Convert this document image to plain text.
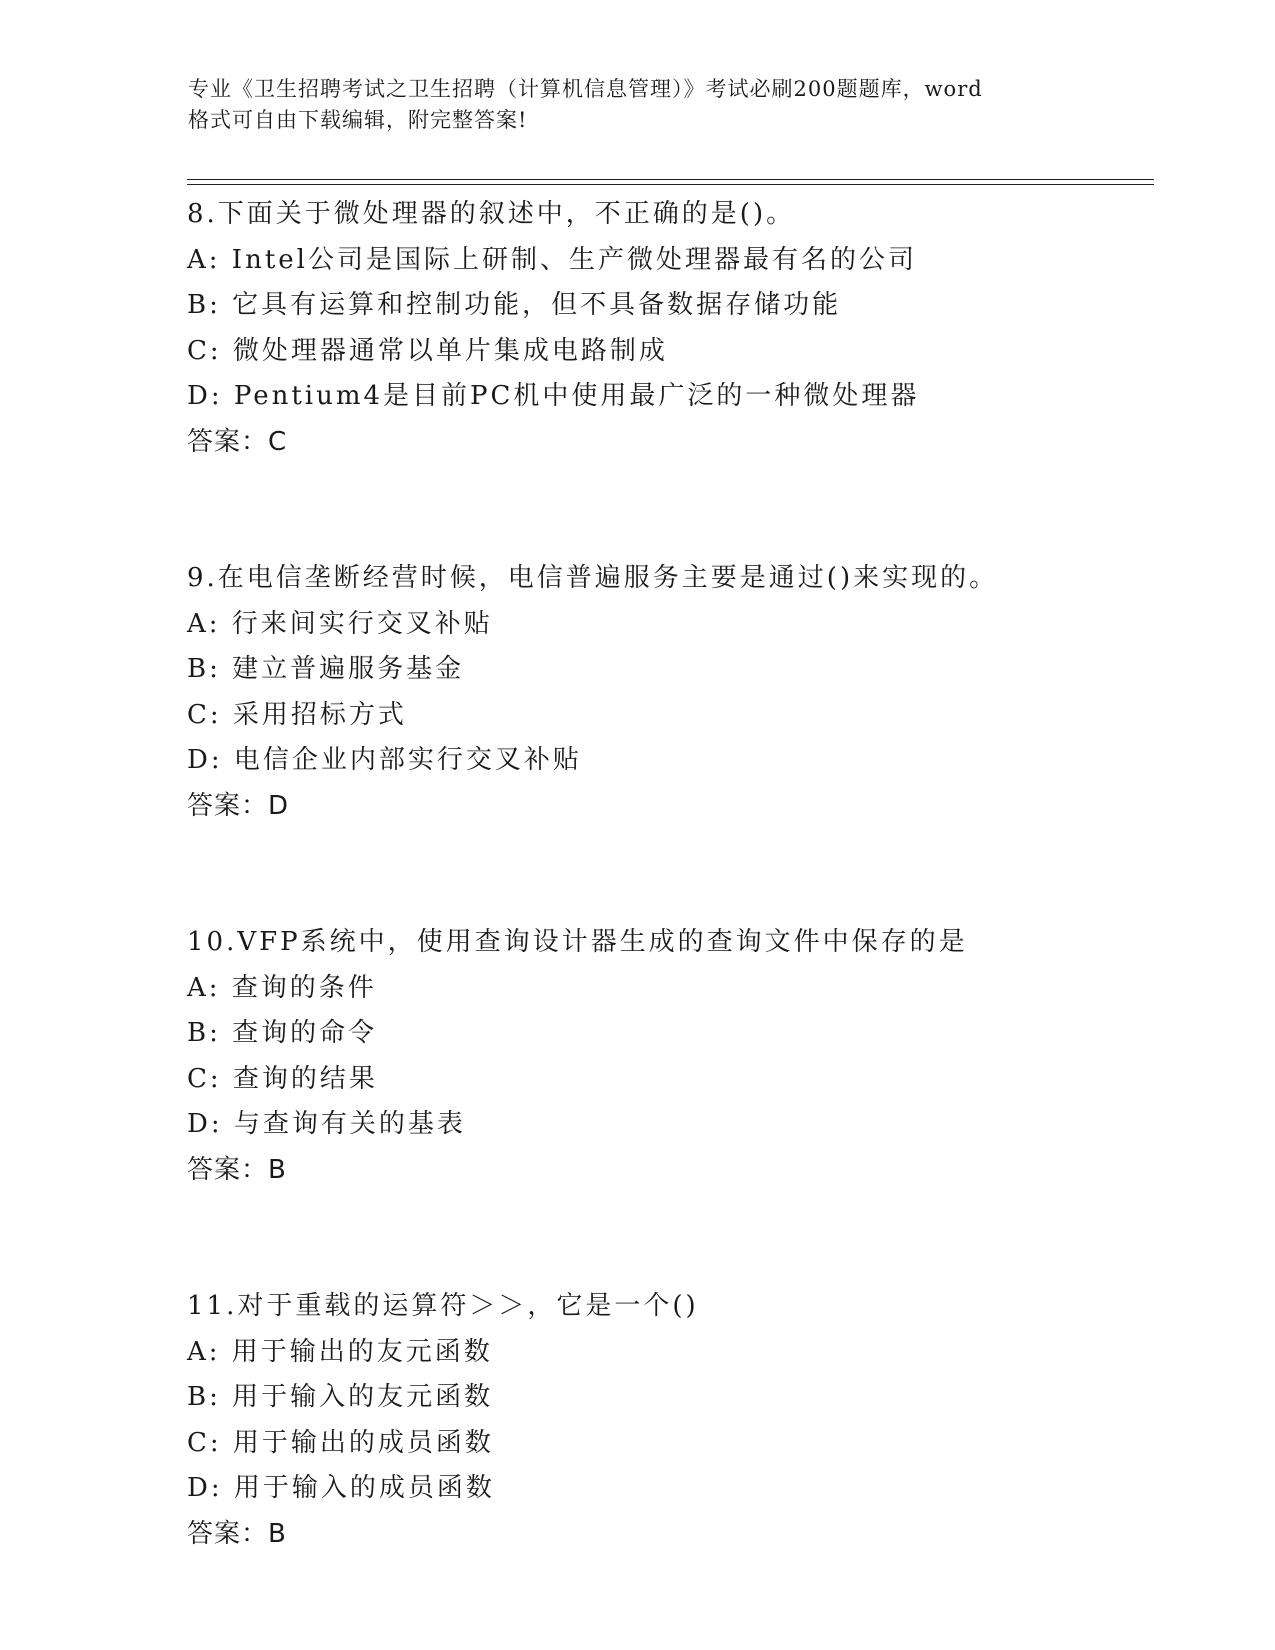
专业《卫生招聘考试之卫生招聘（计算机信息管理）》考试必刷200题题库，word
格式可自由下载编辑，附完整答案!
8.下面关于微处理器的叙述中，不正确的是()。
A: Intel公司是国际上研制、生产微处理器最有名的公司
B: 它具有运算和控制功能，但不具备数据存储功能
C: 微处理器通常以单片集成电路制成
D: Pentium4是目前PC机中使用最广泛的一种微处理器
答案：C
9.在电信垄断经营时候，电信普遍服务主要是通过()来实现的。
A: 行来间实行交叉补贴
B: 建立普遍服务基金
C: 采用招标方式
D: 电信企业内部实行交叉补贴
答案：D
10.VFP系统中，使用查询设计器生成的查询文件中保存的是
A: 查询的条件
B: 查询的命令
C: 查询的结果
D: 与查询有关的基表
答案：B
11.对于重载的运算符＞＞，它是一个()
A: 用于输出的友元函数
B: 用于输入的友元函数
C: 用于输出的成员函数
D: 用于输入的成员函数
答案：B
